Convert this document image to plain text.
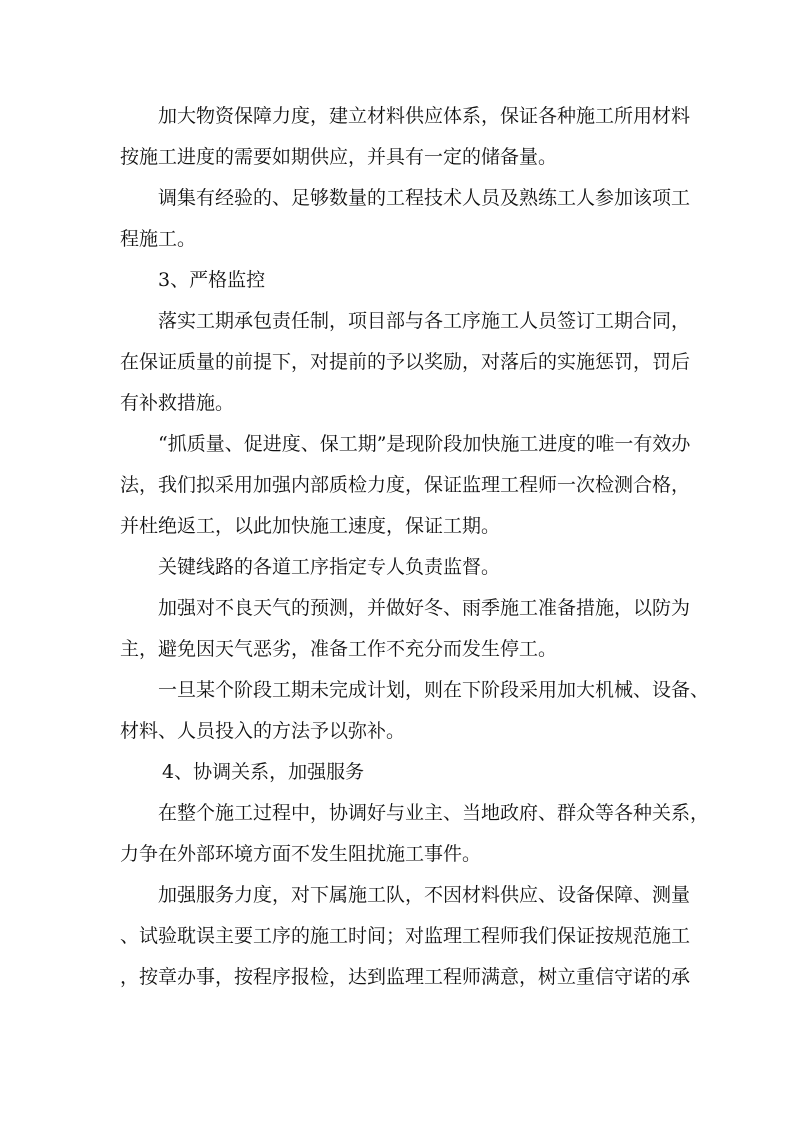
加大物资保障力度，建立材料供应体系，保证各种施工所用材料
按施工进度的需要如期供应，并具有一定的储备量。
调集有经验的、足够数量的工程技术人员及熟练工人参加该项工
程施工。
3、严格监控
落实工期承包责任制，项目部与各工序施工人员签订工期合同，
在保证质量的前提下，对提前的予以奖励，对落后的实施惩罚，罚后
有补救措施。
“抓质量、促进度、保工期”是现阶段加快施工进度的唯一有效办
法，我们拟采用加强内部质检力度，保证监理工程师一次检测合格，
并杜绝返工，以此加快施工速度，保证工期。
关键线路的各道工序指定专人负责监督。
加强对不良天气的预测，并做好冬、雨季施工准备措施，以防为
主，避免因天气恶劣，准备工作不充分而发生停工。
一旦某个阶段工期未完成计划，则在下阶段采用加大机械、设备、
材料、人员投入的方法予以弥补。
4、协调关系，加强服务
在整个施工过程中，协调好与业主、当地政府、群众等各种关系，
力争在外部环境方面不发生阻扰施工事件。
加强服务力度，对下属施工队，不因材料供应、设备保障、测量
、试验耽误主要工序的施工时间；对监理工程师我们保证按规范施工
，按章办事，按程序报检，达到监理工程师满意，树立重信守诺的承
